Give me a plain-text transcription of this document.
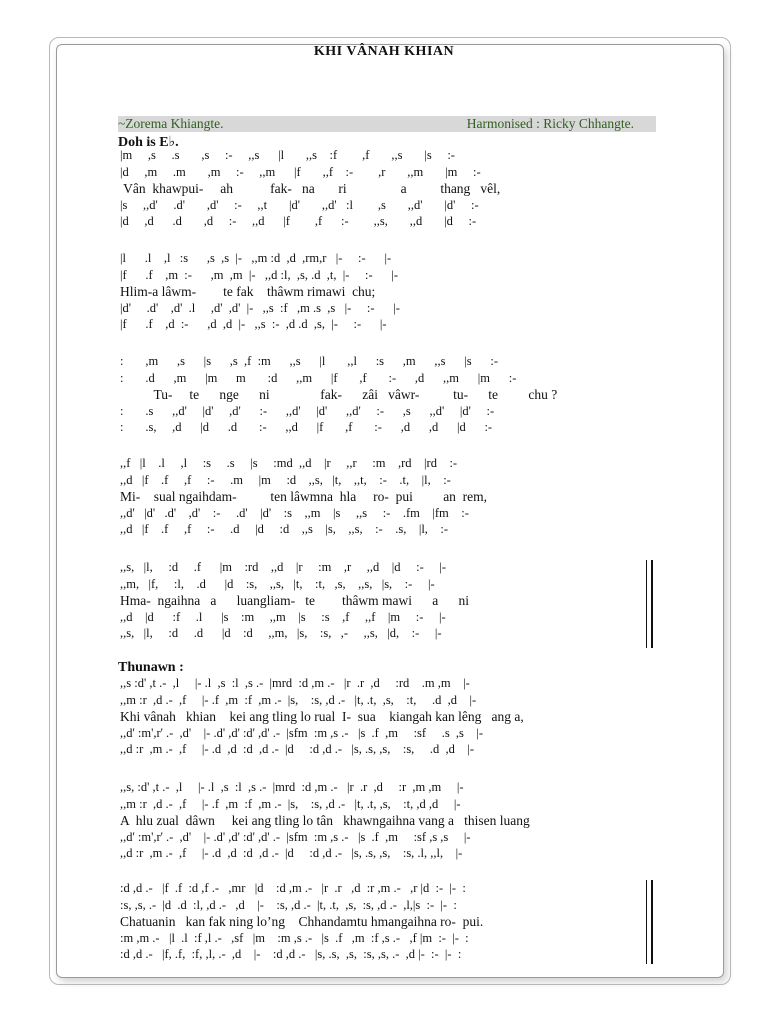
KHI VÂNAH KHIAN
~Zorema Khiangte.	Harmonised : Ricky Chhangte.
Doh is E♭.
Thunawn :
|m     ,s     .s       ,s     :-     ,,s      |l       ,,s    :f        ,f       ,,s       |s     :-
|d     ,m     .m       ,m     :-     ,,m      |f       ,,f    :-        ,r       ,,m       |m     :-
Vân  khawpui-     ah           fak-   na       ri                a          thang   vêl,
|s     ,,d'     .d'       ,d'     :-     ,,t       |d'       ,,d'   :l        ,s       ,,d'       |d'     :-
|d     ,d      .d       ,d     :-     ,,d      |f        ,f      :-        ,,s,       ,,d       |d     :-
|l      .l    ,l   :s      ,s  ,s  |-   ,,m :d  ,d  ,rm,r   |-     :-      |-
|f      .f    ,m  :-      ,m  ,m  |-   ,,d :l,  ,s, .d  ,t,  |-     :-      |-
Hlim-a lâwm-        te fak    thâwm rimawi  chu;
|d'     .d'    ,d'  .l     ,d'  ,d'  |-   ,,s  :f   ,m .s  ,s   |-     :-      |-
|f      .f    ,d  :-      ,d  ,d  |-   ,,s  :-  ,d .d  ,s,  |-     :-      |-
:       ,m      ,s      |s      ,s  ,f  :m      ,,s      |l       ,,l      :s      ,m      ,,s      |s      :-
:       .d      ,m      |m      m       :d      ,,m      |f       ,f       :-      ,d      ,,m      |m      :-
Tu-     te      nge      ni               fak-      zâi   vâwr-          tu-      te         chu ?
:       .s      ,,d'     |d'     ,d'      :-      ,,d'     |d'      ,,d'     :-      ,s      ,,d'     |d'     :-
:       .s,     ,d      |d      .d       :-      ,,d      |f       ,f       :-      ,d      ,d      |d      :-
,,f   |l    .l     ,l     :s     .s     |s     :md  ,,d    |r     ,,r     :m    ,rd    |rd    :-
,,d   |f    .f     ,f     :-     .m     |m     :d    ,,s,   |t,    ,,t,    :-    .t,    |l,    :-
Mi-    sual ngaihdam-          ten lâwmna  hla     ro-  pui         an  rem,
,,d'   |d'   .d'    ,d'    :-     .d'    |d'    :s    ,,m    |s     ,,s     :-    .fm    |fm    :-
,,d   |f    .f     ,f     :-     .d     |d     :d    ,,s    |s,    ,,s,    :-    .s,    |l,    :-
,,s,   |l,     :d     .f      |m    :rd    ,,d    |r     :m    ,r     ,,d    |d     :-     |-
,,m,   |f,     :l,    .d      |d    :s,    ,,s,   |t,    :t,   ,s,    ,,s,   |s,    :-     |-
Hma-  ngaihna   a      luangliam-   te        thâwm mawi      a      ni
,,d    |d      :f     .l      |s    :m     ,,m    |s     :s    ,f     ,,f    |m     :-     |-
,,s,   |l,     :d     .d      |d    :d     ,,m,   |s,    :s,   ,-     ,,s,   |d,    :-     |-
,,s :d' ,t .-  ,l     |- .l  ,s  :l  ,s .-  |mrd  :d ,m .-   |r  .r  ,d     :rd    .m ,m    |-
,,m :r  ,d .-  ,f     |- .f  ,m  :f  ,m .-  |s,    :s, ,d .-   |t, .t,  ,s,    :t,     .d  ,d    |-
Khi vânah   khian    kei ang tling lo rual  I-  sua    kiangah kan lêng   ang a,
,,d' :m',r' .-  ,d'    |- .d' ,d' :d' ,d' .-  |sfm  :m ,s .-   |s  .f  ,m     :sf     .s  ,s    |-
,,d :r  ,m .-  ,f     |- .d  ,d  :d  ,d .-  |d     :d ,d .-   |s, .s, ,s,    :s,     .d  ,d    |-
,,s, :d' ,t .-  ,l     |- .l  ,s  :l  ,s .-  |mrd  :d ,m .-   |r  .r  ,d     :r  ,m ,m     |-
,,m :r  ,d .-  ,f     |- .f  ,m  :f  ,m .-  |s,    :s, ,d .-   |t, .t, ,s,    :t, ,d ,d     |-
A  hlu zual  dâwn     kei ang tling lo tân   khawngaihna vang a   thisen luang
,,d' :m',r' .-  ,d'    |- .d' ,d' :d' ,d' .-  |sfm  :m ,s .-   |s  .f  ,m     :sf ,s ,s     |-
,,d :r  ,m .-  ,f     |- .d  ,d  :d  ,d .-  |d     :d ,d .-   |s, .s, ,s,    :s, .l, ,,l,    |-
:d ,d .-   |f  .f  :d ,f .-   ,mr   |d    :d ,m .-   |r  .r   ,d  :r ,m .-   ,r |d  :-  |-  :
:s, ,s, .-  |d  .d  :l, ,d .-   ,d    |-    :s, ,d .-  |t, .t,  ,s,  :s, ,d .-  ,l,|s  :-  |-  :
Chatuanin   kan fak ning lo’ng    Chhandamtu hmangaihna ro-  pui.
:m ,m .-   |l  .l  :f ,l .-   ,sf   |m    :m ,s .-   |s  .f   ,m  :f ,s .-   ,f |m  :-  |-  :
:d ,d .-   |f, .f,  :f, ,l, .-  ,d    |-    :d ,d .-   |s, .s,  ,s,  :s, ,s, .-  ,d |-  :-  |-  :
